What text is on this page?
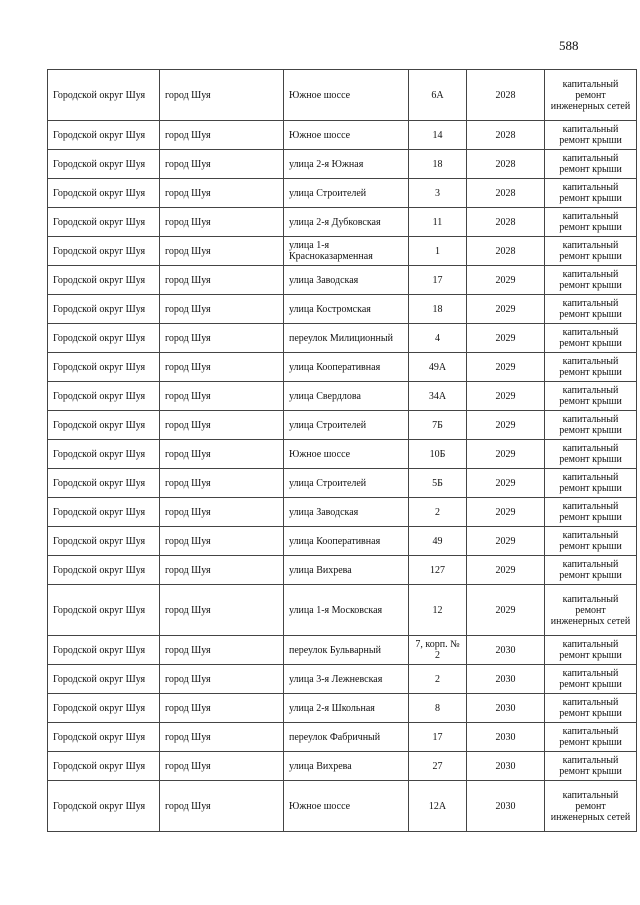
588
Городской округ Шуя	город Шуя	Южное шоссе	6А	2028	капитальный ремонт инженерных сетей
Городской округ Шуя	город Шуя	Южное шоссе	14	2028	капитальный ремонт крыши
Городской округ Шуя	город Шуя	улица 2-я Южная	18	2028	капитальный ремонт крыши
Городской округ Шуя	город Шуя	улица Строителей	3	2028	капитальный ремонт крыши
Городской округ Шуя	город Шуя	улица 2-я Дубковская	11	2028	капитальный ремонт крыши
Городской округ Шуя	город Шуя	улица 1-я Красноказарменная	1	2028	капитальный ремонт крыши
Городской округ Шуя	город Шуя	улица Заводская	17	2029	капитальный ремонт крыши
Городской округ Шуя	город Шуя	улица Костромская	18	2029	капитальный ремонт крыши
Городской округ Шуя	город Шуя	переулок Милиционный	4	2029	капитальный ремонт крыши
Городской округ Шуя	город Шуя	улица Кооперативная	49А	2029	капитальный ремонт крыши
Городской округ Шуя	город Шуя	улица Свердлова	34А	2029	капитальный ремонт крыши
Городской округ Шуя	город Шуя	улица Строителей	7Б	2029	капитальный ремонт крыши
Городской округ Шуя	город Шуя	Южное шоссе	10Б	2029	капитальный ремонт крыши
Городской округ Шуя	город Шуя	улица Строителей	5Б	2029	капитальный ремонт крыши
Городской округ Шуя	город Шуя	улица Заводская	2	2029	капитальный ремонт крыши
Городской округ Шуя	город Шуя	улица Кооперативная	49	2029	капитальный ремонт крыши
Городской округ Шуя	город Шуя	улица Вихрева	127	2029	капитальный ремонт крыши
Городской округ Шуя	город Шуя	улица 1-я Московская	12	2029	капитальный ремонт инженерных сетей
Городской округ Шуя	город Шуя	переулок Бульварный	7, корп. № 2	2030	капитальный ремонт крыши
Городской округ Шуя	город Шуя	улица 3-я Лежневская	2	2030	капитальный ремонт крыши
Городской округ Шуя	город Шуя	улица 2-я Школьная	8	2030	капитальный ремонт крыши
Городской округ Шуя	город Шуя	переулок Фабричный	17	2030	капитальный ремонт крыши
Городской округ Шуя	город Шуя	улица Вихрева	27	2030	капитальный ремонт крыши
Городской округ Шуя	город Шуя	Южное шоссе	12А	2030	капитальный ремонт инженерных сетей
